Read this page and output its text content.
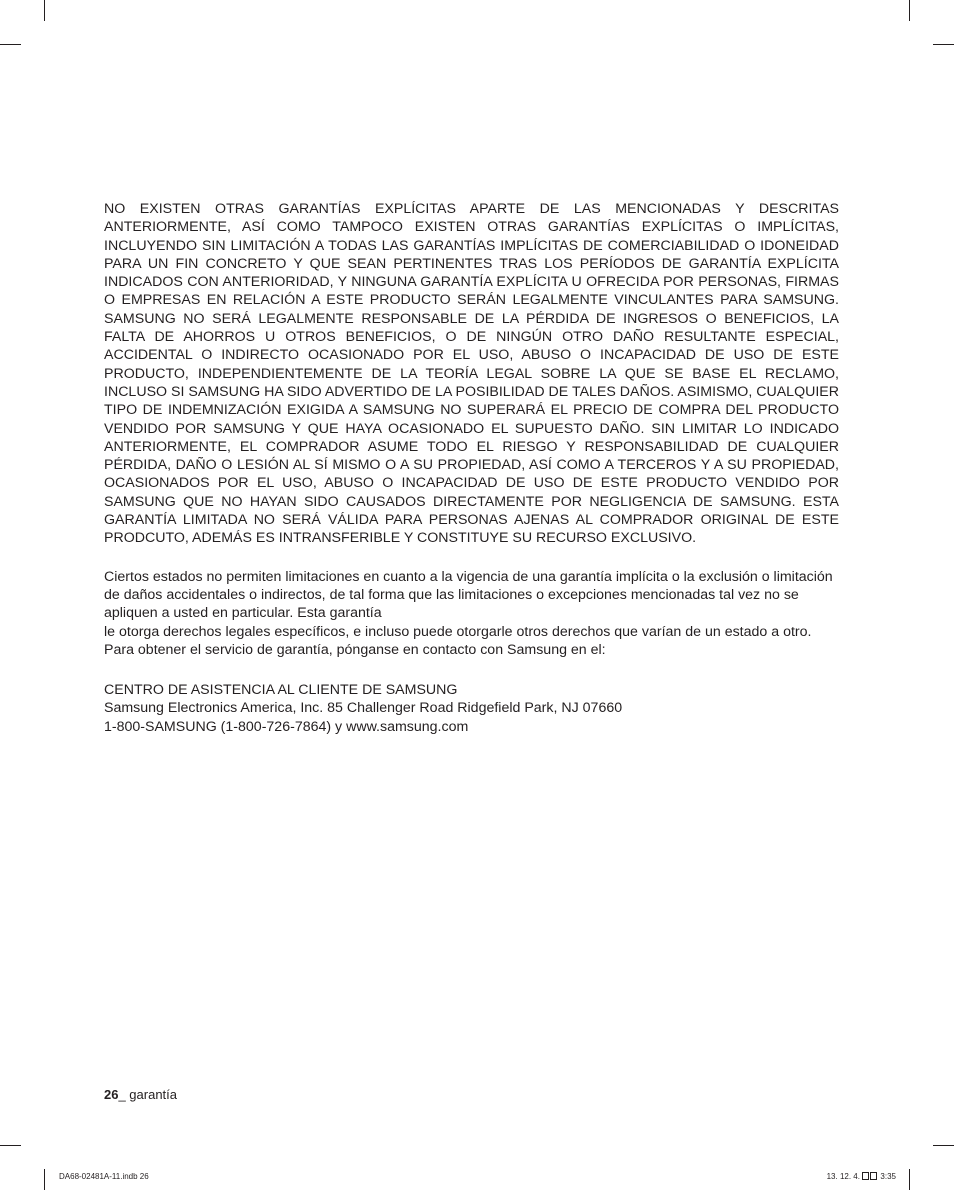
NO EXISTEN OTRAS GARANTÍAS EXPLÍCITAS APARTE DE LAS MENCIONADAS Y DESCRITAS ANTERIORMENTE, ASÍ COMO TAMPOCO EXISTEN OTRAS GARANTÍAS EXPLÍCITAS O IMPLÍCITAS, INCLUYENDO SIN LIMITACIÓN A TODAS LAS GARANTÍAS IMPLÍCITAS DE COMERCIABILIDAD O IDONEIDAD PARA UN FIN CONCRETO Y QUE SEAN PERTINENTES TRAS LOS PERÍODOS DE GARANTÍA EXPLÍCITA INDICADOS CON ANTERIORIDAD, Y NINGUNA GARANTÍA EXPLÍCITA U OFRECIDA POR PERSONAS, FIRMAS O EMPRESAS EN RELACIÓN A ESTE PRODUCTO SERÁN LEGALMENTE VINCULANTES PARA SAMSUNG. SAMSUNG NO SERÁ LEGALMENTE RESPONSABLE DE LA PÉRDIDA DE INGRESOS O BENEFICIOS, LA FALTA DE AHORROS U OTROS BENEFICIOS, O DE NINGÚN OTRO DAÑO RESULTANTE ESPECIAL, ACCIDENTAL O INDIRECTO OCASIONADO POR EL USO, ABUSO O INCAPACIDAD DE USO DE ESTE PRODUCTO, INDEPENDIENTEMENTE DE LA TEORÍA LEGAL SOBRE LA QUE SE BASE EL RECLAMO, INCLUSO SI SAMSUNG HA SIDO ADVERTIDO DE LA POSIBILIDAD DE TALES DAÑOS. ASIMISMO, CUALQUIER TIPO DE INDEMNIZACIÓN EXIGIDA A SAMSUNG NO SUPERARÁ EL PRECIO DE COMPRA DEL PRODUCTO VENDIDO POR SAMSUNG Y QUE HAYA OCASIONADO EL SUPUESTO DAÑO. SIN LIMITAR LO INDICADO ANTERIORMENTE, EL COMPRADOR ASUME TODO EL RIESGO Y RESPONSABILIDAD DE CUALQUIER PÉRDIDA, DAÑO O LESIÓN AL SÍ MISMO O A SU PROPIEDAD, ASÍ COMO A TERCEROS Y A SU PROPIEDAD, OCASIONADOS POR EL USO, ABUSO O INCAPACIDAD DE USO DE ESTE PRODUCTO VENDIDO POR SAMSUNG QUE NO HAYAN SIDO CAUSADOS DIRECTAMENTE POR NEGLIGENCIA DE SAMSUNG. ESTA GARANTÍA LIMITADA NO SERÁ VÁLIDA PARA PERSONAS AJENAS AL COMPRADOR ORIGINAL DE ESTE PRODCUTO, ADEMÁS ES INTRANSFERIBLE Y CONSTITUYE SU RECURSO EXCLUSIVO.

Ciertos estados no permiten limitaciones en cuanto a la vigencia de una garantía implícita o la exclusión o limitación de daños accidentales o indirectos, de tal forma que las limitaciones o excepciones mencionadas tal vez no se apliquen a usted en particular. Esta garantía

le otorga derechos legales específicos, e incluso puede otorgarle otros derechos que varían de un estado a otro.

Para obtener el servicio de garantía, pónganse en contacto con Samsung en el:

CENTRO DE ASISTENCIA AL CLIENTE DE SAMSUNG

Samsung Electronics America, Inc. 85 Challenger Road Ridgefield Park, NJ 07660

1-800-SAMSUNG (1-800-726-7864) y www.samsung.com

26_ garantía
DA68-02481A-11.indb 26	13. 12. 4.	3:35
